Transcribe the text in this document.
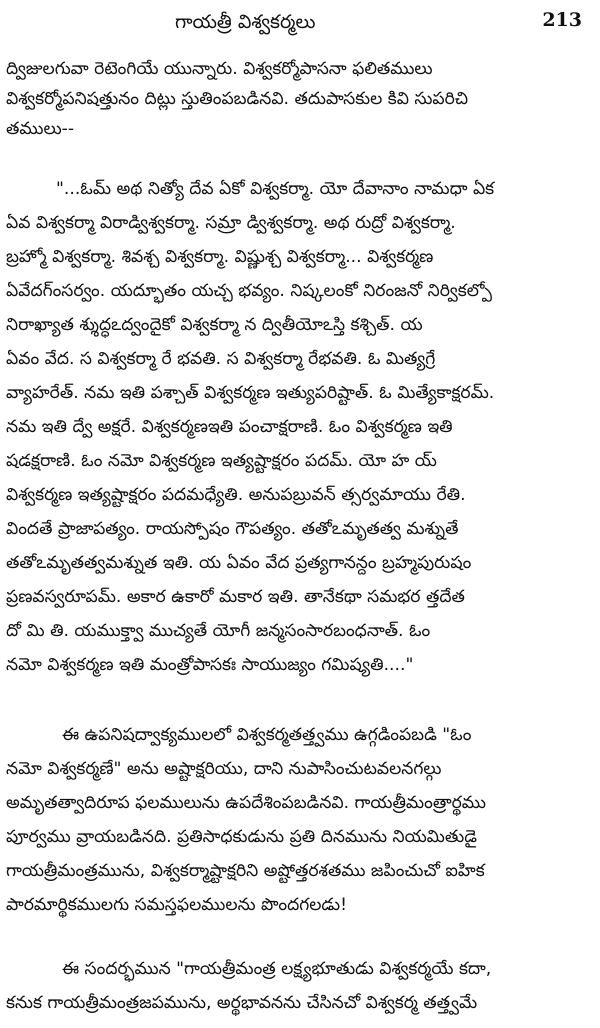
గాయత్రీ విశ్వకర్మలు	213
ద్విజులగువా రెటెంగియే యున్నారు. విశ్వకర్మోపాసనా ఫలితములు
విశ్వకర్మోపనిషత్తునం దిట్లు స్తుతింపబడినవి. తదుపాసకుల కివి సుపరిచి
తములు--
"...ఓమ్ అథ నిత్యో దేవ ఏకో విశ్వకర్మా. యో దేవానాం నామధా ఏక
ఏవ విశ్వకర్మా విరాడ్విశ్వకర్మా. సమ్రా డ్విశ్వకర్మా. అథ రుద్రో విశ్వకర్మా.
బ్రహ్మో విశ్వకర్మా. శివశ్చ విశ్వకర్మా. విష్ణుశ్చ విశ్వకర్మా... విశ్వకర్మణ
ఏవేదగ్ంసర్వం. యద్భూతం యచ్చ భవ్యం. నిష్కలంకో నిరంజనో నిర్వికల్పో
నిరాఖ్యాత శ్శుద్ధఽద్వందైకో విశ్వకర్మా న ద్వితీయోఽస్తి కశ్చిత్. య
ఏవం వేద. స విశ్వకర్మా రే భవతి. స విశ్వకర్మా రేభవతి. ఓ మిత్యగ్రే
వ్యాహరేత్. నమ ఇతి పశ్చాత్ విశ్వకర్మణ ఇత్యుపరిష్టాత్. ఓ మిత్యేకాక్షరమ్.
నమ ఇతి ద్వే అక్షరే. విశ్వకర్మణఇతి పంచాక్షరాణి. ఓం విశ్వకర్మణ ఇతి
షడక్షరాణి. ఓం నమో విశ్వకర్మణ ఇత్యష్టాక్షరం పదమ్. యో హ య్
విశ్వకర్మణ ఇత్యష్టాక్షరం పదమధ్యేతి. అనుపబ్రువన్ త్సర్వమాయు రేతి.
విందతే ప్రాజాపత్యం. రాయస్పోషం గౌపత్యం. తతోఽమృతత్వ మశ్నుతే
తతోఽమృతత్వమశ్నుత ఇతి. య ఏవం వేద ప్రత్యగానన్దం బ్రహ్మపురుషం
ప్రణవస్వరూపమ్. అకార ఉకారో మకార ఇతి. తానేకథా సమభర త్తదేత
దో మి తి. యముక్త్వా ముచ్యతే యోగీ జన్మసంసారబంధనాత్. ఓం
నమో విశ్వకర్మణ ఇతి మంత్రోపాసకః సాయుజ్యం గమిష్యతి...."
ఈ ఉపనిషద్వాక్యములలో విశ్వకర్మతత్త్వము ఉగ్గడింపబడి "ఓం
నమో విశ్వకర్మణే" అను అష్టాక్షరియు, దాని నుపాసించుటవలనగల్గు
అమృతత్వాదిరూప ఫలములును ఉపదేశింపబడినవి. గాయత్రీమంత్రార్థము
పూర్వము వ్రాయబడినది. ప్రతిసాధకుడును ప్రతి దినమును నియమితుడై
గాయత్రీమంత్రమును, విశ్వకర్మాష్టాక్షరిని అష్టోత్తరశతము జపించుచో ఐహిక
పారమార్థికములగు సమస్తఫలములను పొందగలడు!
ఈ సందర్భమున "గాయత్రీమంత్ర లక్ష్యభూతుడు విశ్వకర్మయే కదా,
కనుక గాయత్రీమంత్రజపమును, అర్థభావనను చేసినచో విశ్వకర్మ తత్త్వమే
